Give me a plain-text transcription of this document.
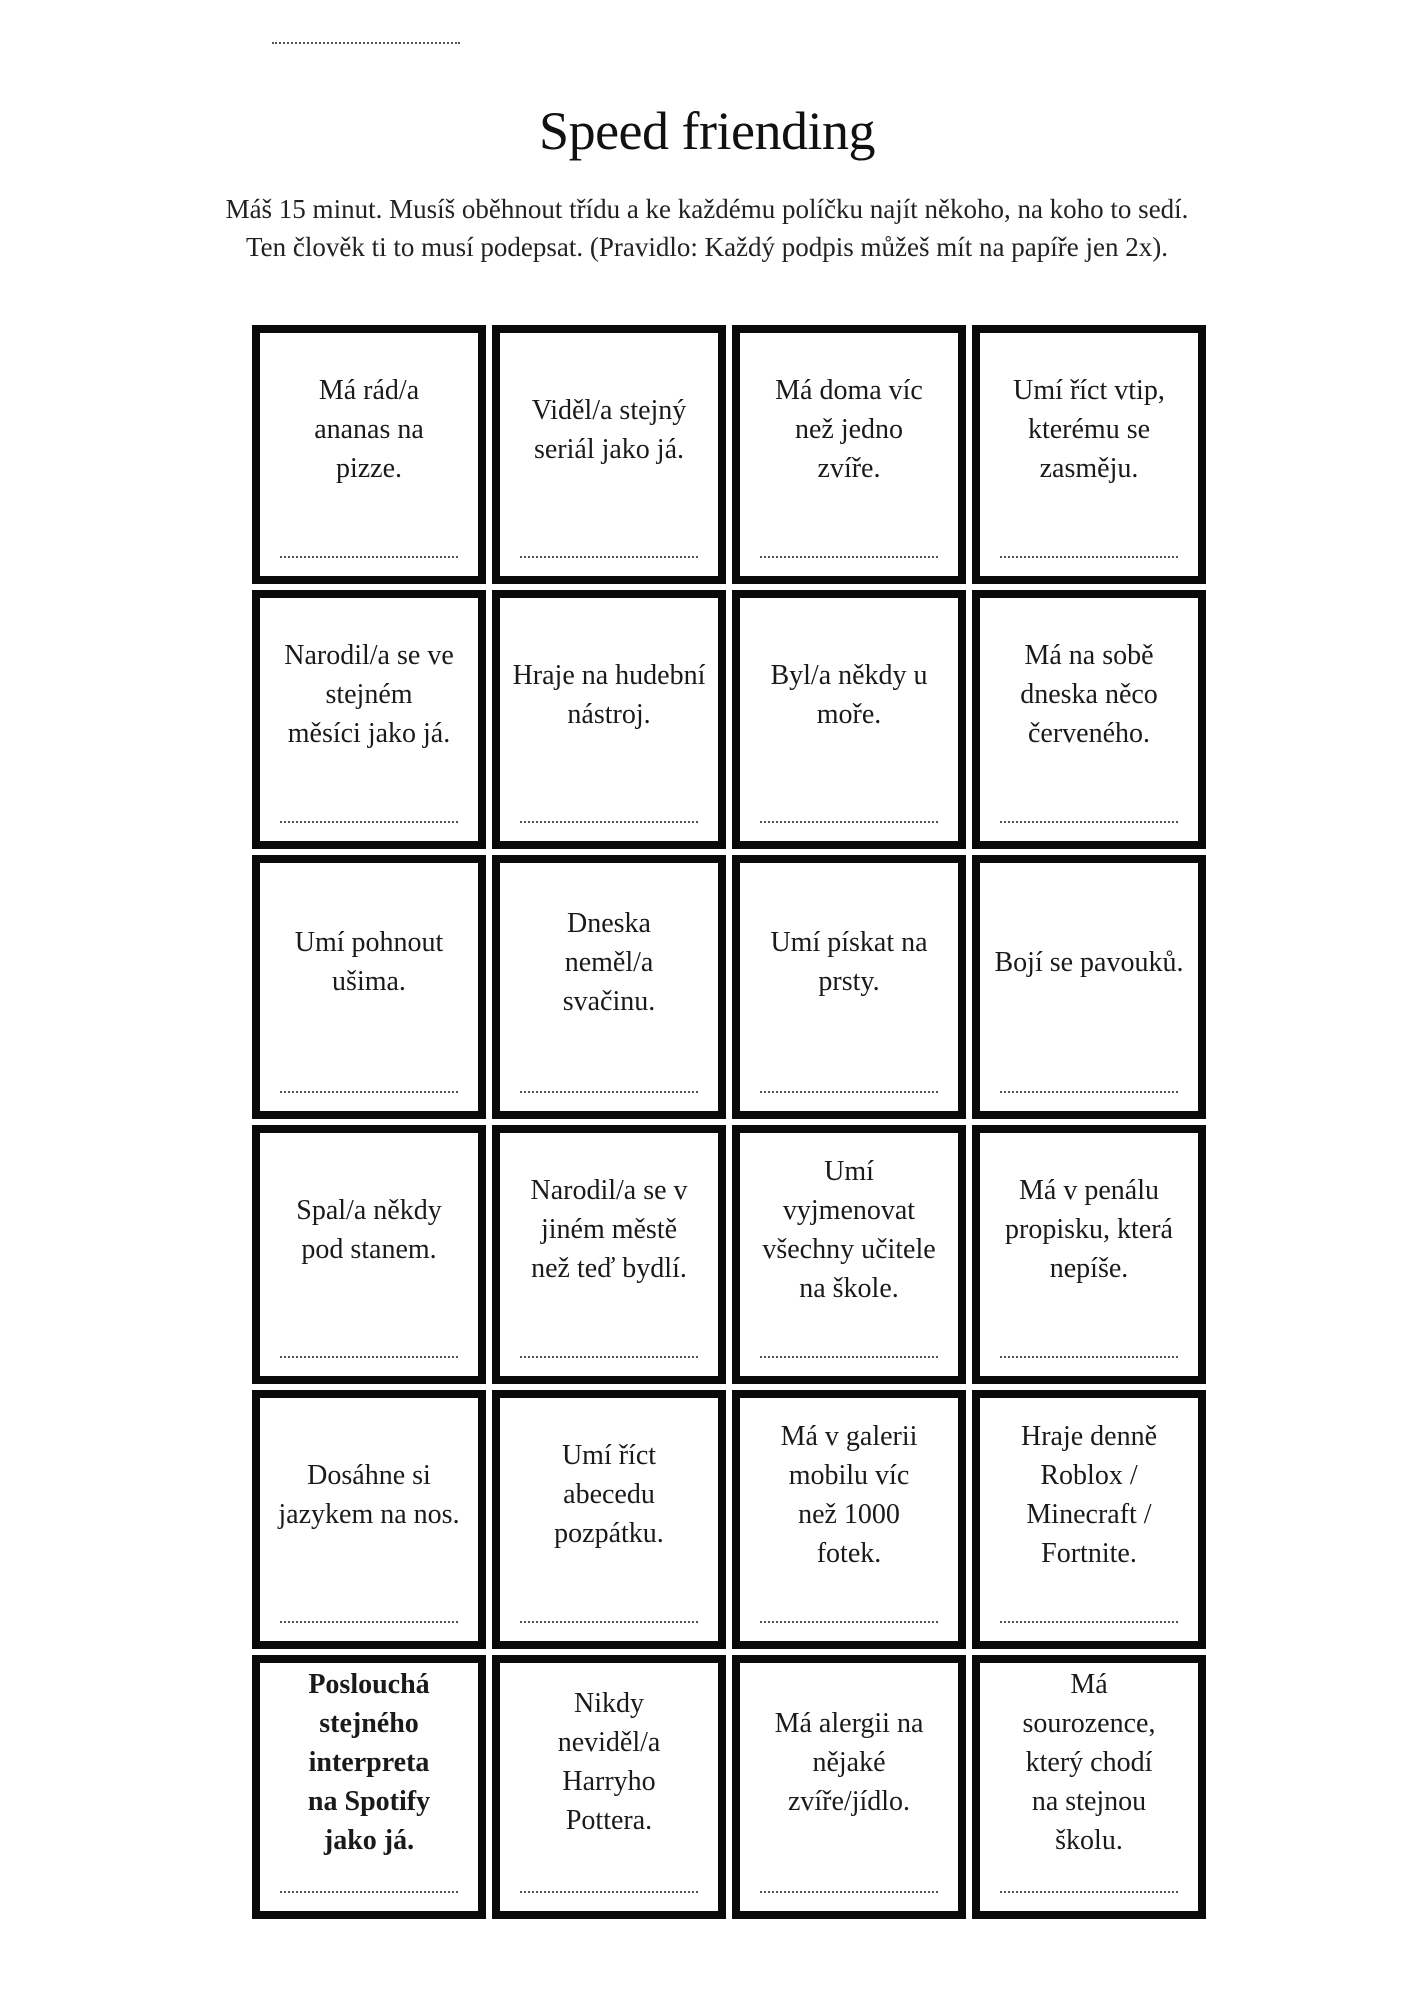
Speed friending
Máš 15 minut. Musíš oběhnout třídu a ke každému políčku najít někoho, na koho to sedí.
Ten člověk ti to musí podepsat. (Pravidlo: Každý podpis můžeš mít na papíře jen 2x).
Má rád/a
ananas na
pizze.
Viděl/a stejný
seriál jako já.
Má doma víc
než jedno
zvíře.
Umí říct vtip,
kterému se
zasměju.
Narodil/a se ve
stejném
měsíci jako já.
Hraje na hudební
nástroj.
Byl/a někdy u
moře.
Má na sobě
dneska něco
červeného.
Umí pohnout
ušima.
Dneska
neměl/a
svačinu.
Umí pískat na
prsty.
Bojí se pavouků.
Spal/a někdy
pod stanem.
Narodil/a se v
jiném městě
než teď bydlí.
Umí
vyjmenovat
všechny učitele
na škole.
Má v penálu
propisku, která
nepíše.
Dosáhne si
jazykem na nos.
Umí říct
abecedu
pozpátku.
Má v galerii
mobilu víc
než 1000
fotek.
Hraje denně
Roblox /
Minecraft /
Fortnite.
Poslouchá
stejného
interpreta
na Spotify
jako já.
Nikdy
neviděl/a
Harryho
Pottera.
Má alergii na
nějaké
zvíře/jídlo.
Má
sourozence,
který chodí
na stejnou
školu.
